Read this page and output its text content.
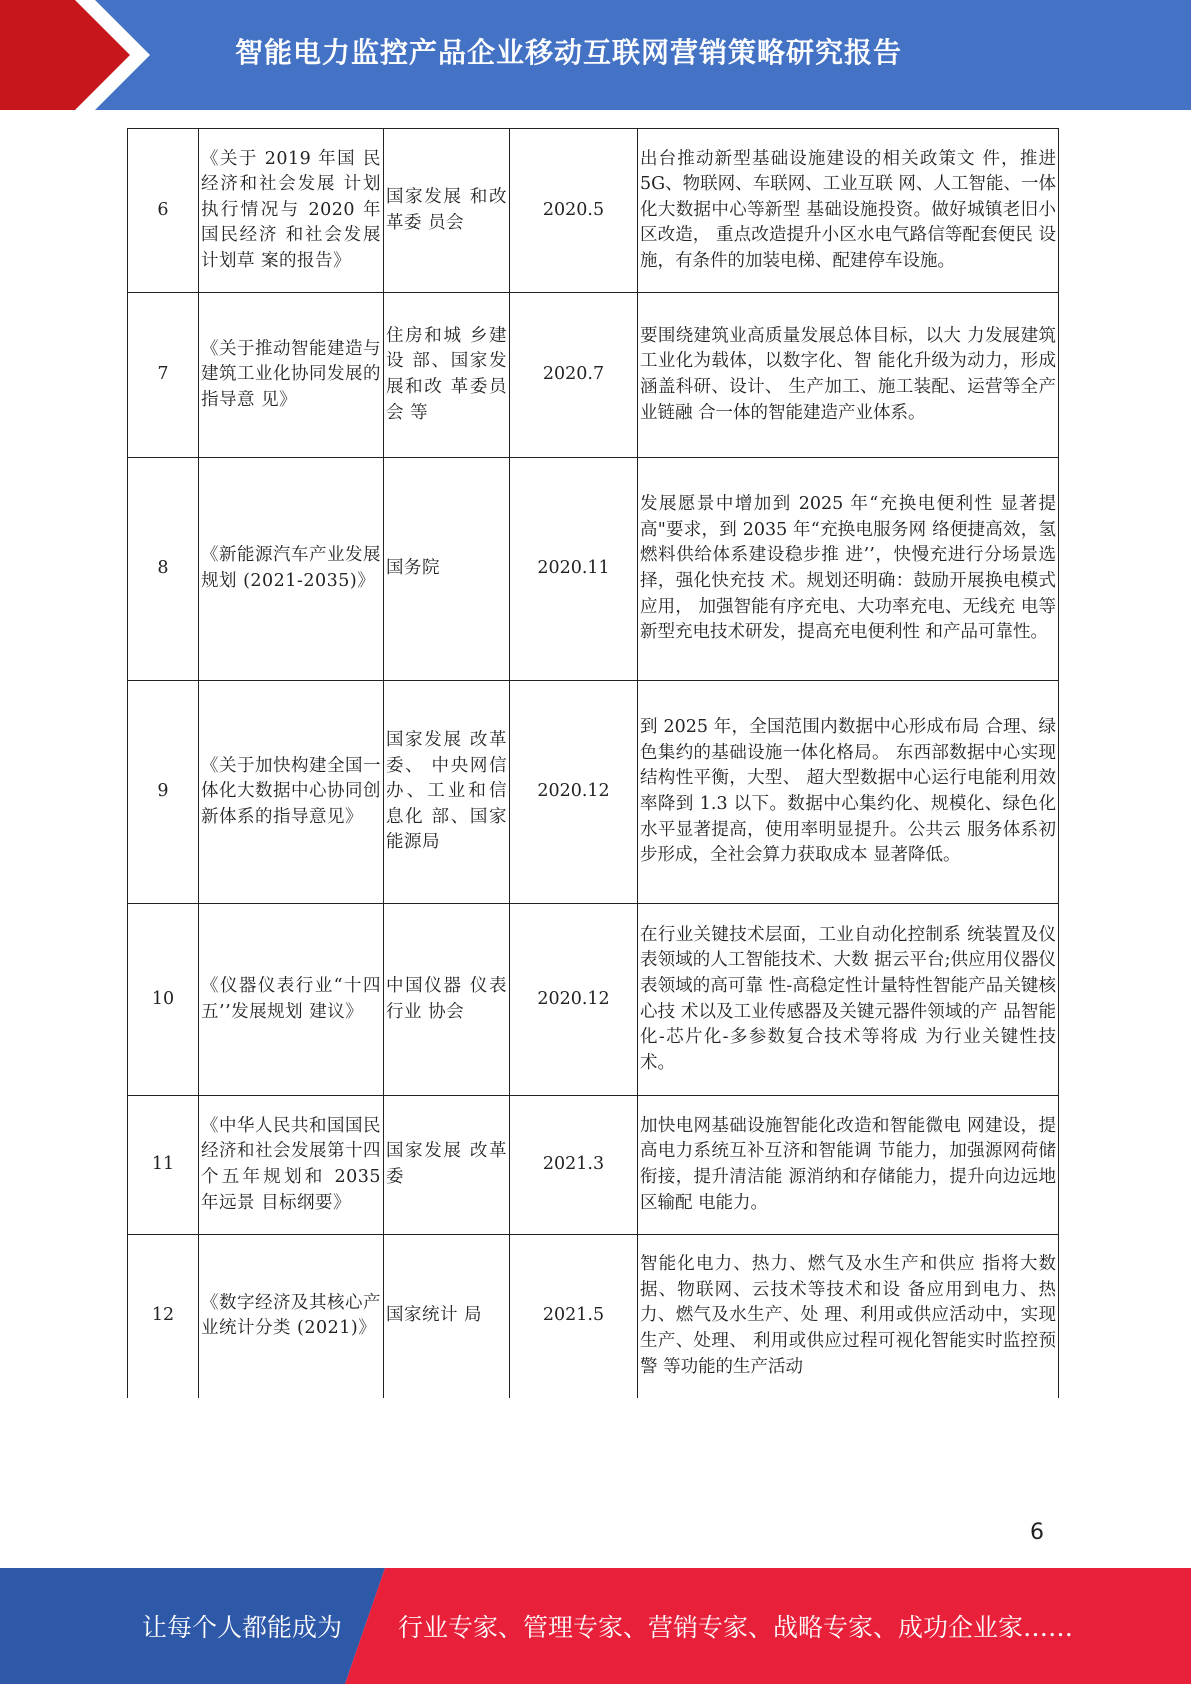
智能电力监控产品企业移动互联网营销策略研究报告
6	《关于 2019 年国 民经济和社会发展 计划执行情况与 2020 年国民经济 和社会发展计划草 案的报告》	国家发展 和改革委 员会	2020.5	出台推动新型基础设施建设的相关政策文 件，推进 5G、物联网、车联网、工业互联 网、人工智能、一体化大数据中心等新型 基础设施投资。做好城镇老旧小区改造， 重点改造提升小区水电气路信等配套便民 设施，有条件的加装电梯、配建停车设施。
7	《关于推动智能建造与建筑工业化协同发展的指导意 见》	住房和城 乡建设 部、国家发展和改 革委员会 等	2020.7	要围绕建筑业高质量发展总体目标，以大 力发展建筑工业化为载体，以数字化、智 能化升级为动力，形成涵盖科研、设计、 生产加工、施工装配、运营等全产业链融 合一体的智能建造产业体系。
8	《新能源汽车产业发展规划 (2021-2035)》	国务院	2020.11	发展愿景中增加到 2025 年“充换电便利性 显著提高"要求，到 2035 年“充换电服务网 络便捷高效，氢燃料供给体系建设稳步推 进’’，快慢充进行分场景选择，强化快充技 术。规划还明确：鼓励开展换电模式应用， 加强智能有序充电、大功率充电、无线充 电等新型充电技术研发，提高充电便利性 和产品可靠性。
9	《关于加快构建全国一体化大数据中心协同创新体系的指导意见》	国家发展 改革委、 中央网信 办、工业和信息化 部、国家 能源局	2020.12	到 2025 年，全国范围内数据中心形成布局 合理、绿色集约的基础设施一体化格局。 东西部数据中心实现结构性平衡，大型、 超大型数据中心运行电能利用效率降到 1.3 以下。数据中心集约化、规模化、绿色化 水平显著提高，使用率明显提升。公共云 服务体系初步形成，全社会算力获取成本 显著降低。
10	《仪器仪表行业“十四五’’发展规划 建议》	中国仪器 仪表行业 协会	2020.12	在行业关键技术层面，工业自动化控制系 统装置及仪表领域的人工智能技术、大数 据云平台;供应用仪器仪表领域的高可靠 性-高稳定性计量特性智能产品关键核心技 术以及工业传感器及关键元器件领域的产 品智能化-芯片化-多参数复合技术等将成 为行业关键性技术。
11	《中华人民共和国国民经济和社会发展第十四个五年规划和 2035 年远景 目标纲要》	国家发展 改革委	2021.3	加快电网基础设施智能化改造和智能微电 网建设，提高电力系统互补互济和智能调 节能力，加强源网荷储衔接，提升清洁能 源消纳和存储能力，提升向边远地区输配 电能力。
12	《数字经济及其核心产业统计分类 (2021)》	国家统计 局	2021.5	智能化电力、热力、燃气及水生产和供应 指将大数据、物联网、云技术等技术和设 备应用到电力、热力、燃气及水生产、处 理、利用或供应活动中，实现生产、处理、 利用或供应过程可视化智能实时监控预警 等功能的生产活动
6
让每个人都能成为 行业专家、管理专家、营销专家、战略专家、成功企业家……
